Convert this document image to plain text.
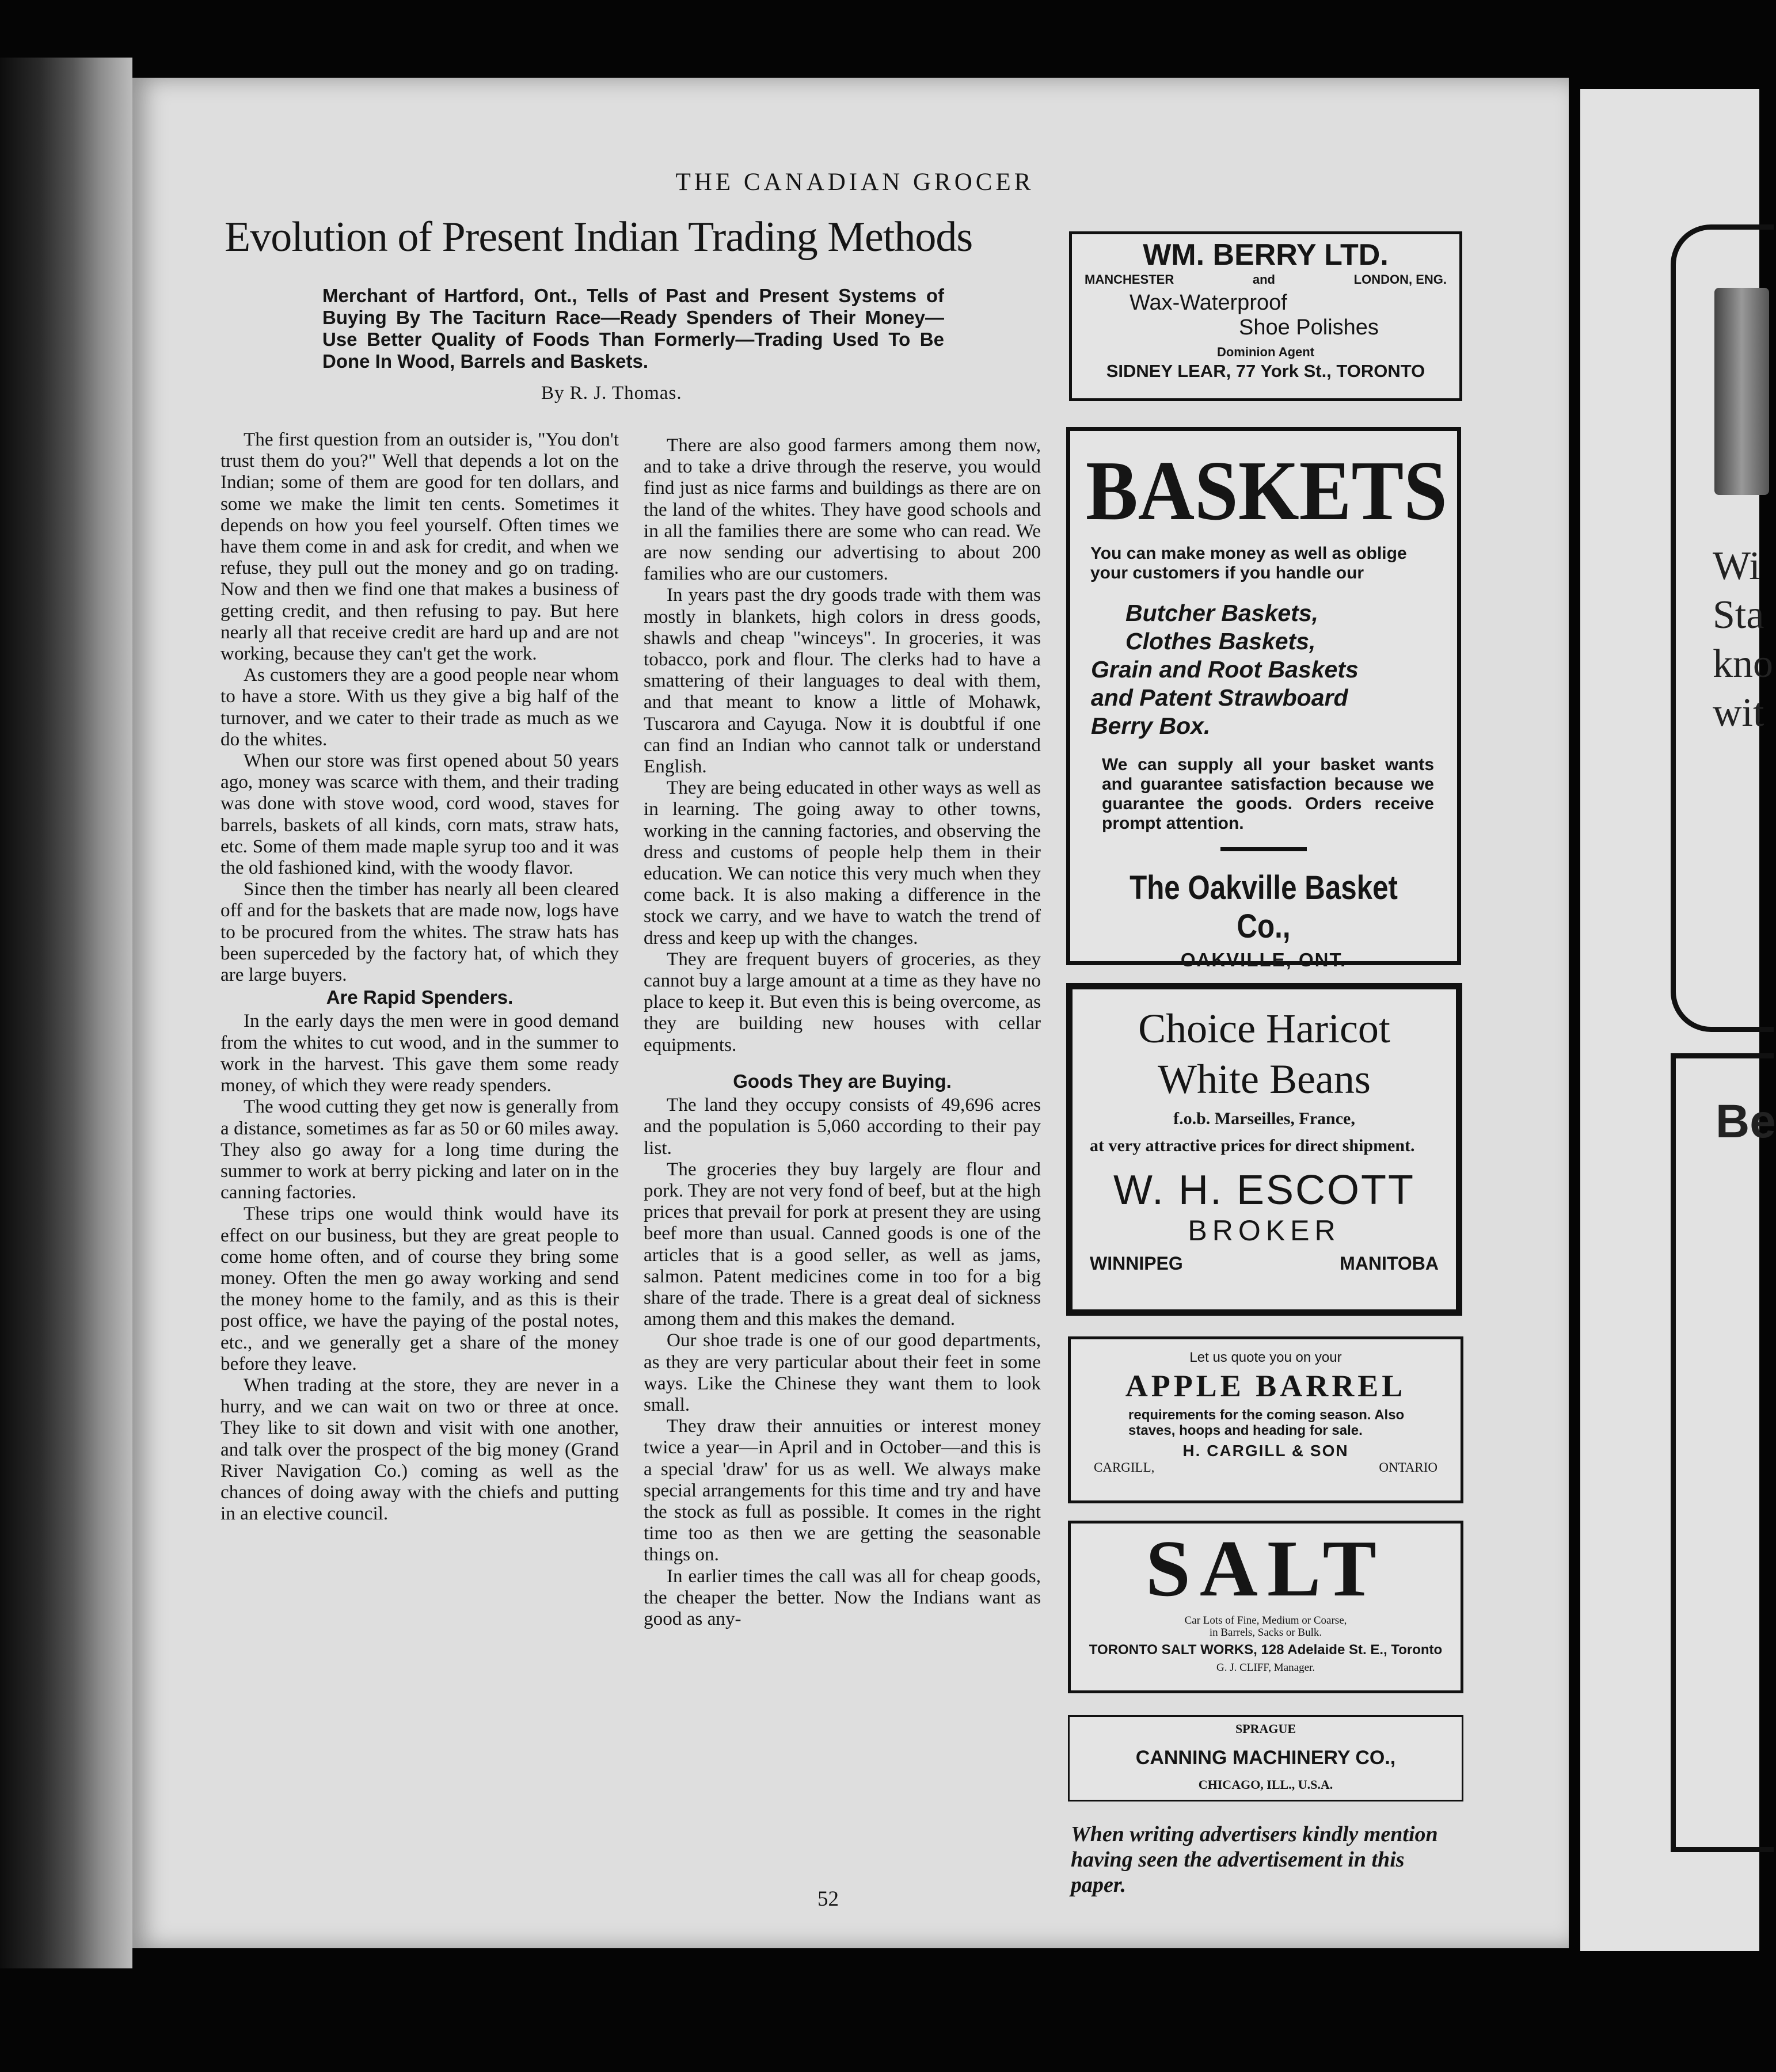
Wi
Sta
kno
wit
Be
THE CANADIAN GROCER
Evolution of Present Indian Trading Methods
Merchant of Hartford, Ont., Tells of Past and Present Systems of Buying By The Taciturn Race—Ready Spenders of Their Money—Use Better Quality of Foods Than Formerly—Trading Used To Be Done In Wood, Barrels and Baskets.
By R. J. Thomas.

The first question from an outsider is, "You don't trust them do you?" Well that depends a lot on the Indian; some of them are good for ten dollars, and some we make the limit ten cents. Sometimes it depends on how you feel yourself. Often times we have them come in and ask for credit, and when we refuse, they pull out the money and go on trading. Now and then we find one that makes a business of getting credit, and then refusing to pay. But here nearly all that receive credit are hard up and are not working, because they can't get the work.

As customers they are a good people near whom to have a store. With us they give a big half of the turnover, and we cater to their trade as much as we do the whites.

When our store was first opened about 50 years ago, money was scarce with them, and their trading was done with stove wood, cord wood, staves for barrels, baskets of all kinds, corn mats, straw hats, etc. Some of them made maple syrup too and it was the old fashioned kind, with the woody flavor.

Since then the timber has nearly all been cleared off and for the baskets that are made now, logs have to be procured from the whites. The straw hats has been superceded by the factory hat, of which they are large buyers.

Are Rapid Spenders.

In the early days the men were in good demand from the whites to cut wood, and in the summer to work in the harvest. This gave them some ready money, of which they were ready spenders.

The wood cutting they get now is generally from a distance, sometimes as far as 50 or 60 miles away. They also go away for a long time during the summer to work at berry picking and later on in the canning factories.

These trips one would think would have its effect on our business, but they are great people to come home often, and of course they bring some money. Often the men go away working and send the money home to the family, and as this is their post office, we have the paying of the postal notes, etc., and we generally get a share of the money before they leave.

When trading at the store, they are never in a hurry, and we can wait on two or three at once. They like to sit down and visit with one another, and talk over the prospect of the big money (Grand River Navigation Co.) coming as well as the chances of doing away with the chiefs and putting in an elective council.

There are also good farmers among them now, and to take a drive through the reserve, you would find just as nice farms and buildings as there are on the land of the whites. They have good schools and in all the families there are some who can read. We are now sending our advertising to about 200 families who are our customers.

In years past the dry goods trade with them was mostly in blankets, high colors in dress goods, shawls and cheap "winceys". In groceries, it was tobacco, pork and flour. The clerks had to have a smattering of their languages to deal with them, and that meant to know a little of Mohawk, Tuscarora and Cayuga. Now it is doubtful if one can find an Indian who cannot talk or understand English.

They are being educated in other ways as well as in learning. The going away to other towns, working in the canning factories, and observing the dress and customs of people help them in their education. We can notice this very much when they come back. It is also making a difference in the stock we carry, and we have to watch the trend of dress and keep up with the changes.

They are frequent buyers of groceries, as they cannot buy a large amount at a time as they have no place to keep it. But even this is being overcome, as they are building new houses with cellar equipments.

Goods They are Buying.

The land they occupy consists of 49,696 acres and the population is 5,060 according to their pay list.

The groceries they buy largely are flour and pork. They are not very fond of beef, but at the high prices that prevail for pork at present they are using beef more than usual. Canned goods is one of the articles that is a good seller, as well as jams, salmon. Patent medicines come in too for a big share of the trade. There is a great deal of sickness among them and this makes the demand.

Our shoe trade is one of our good departments, as they are very particular about their feet in some ways. Like the Chinese they want them to look small.

They draw their annuities or interest money twice a year—in April and in October—and this is a special 'draw' for us as well. We always make special arrangements for this time and try and have the stock as full as possible. It comes in the right time too as then we are getting the seasonable things on.

In earlier times the call was all for cheap goods, the cheaper the better. Now the Indians want as good as any-

52
WM. BERRY LTD.
MANCHESTER	and	LONDON, ENG.
Wax-Waterproof
Shoe Polishes
Dominion Agent
SIDNEY LEAR, 77 York St., TORONTO
BASKETS
You can make money as well as oblige your customers if you handle our
Butcher Baskets,
Clothes Baskets,
Grain and Root Baskets
and Patent Strawboard
Berry Box.
We can supply all your basket wants and guarantee satisfaction because we guarantee the goods. Orders receive prompt attention.
The Oakville Basket Co.,
OAKVILLE, ONT.
Choice Haricot
White Beans
f.o.b. Marseilles, France,
at very attractive prices for direct shipment.
W. H. ESCOTT
BROKER
WINNIPEG	MANITOBA
Let us quote you on your
APPLE BARREL
requirements for the coming season. Also staves, hoops and heading for sale.
H. CARGILL & SON
CARGILL,	ONTARIO
SALT
Car Lots of Fine, Medium or Coarse,
in Barrels, Sacks or Bulk.
TORONTO SALT WORKS, 128 Adelaide St. E., Toronto
G. J. CLIFF, Manager.
SPRAGUE
CANNING MACHINERY CO.,
CHICAGO, ILL., U.S.A.
When writing advertisers kindly mention having seen the advertisement in this paper.
